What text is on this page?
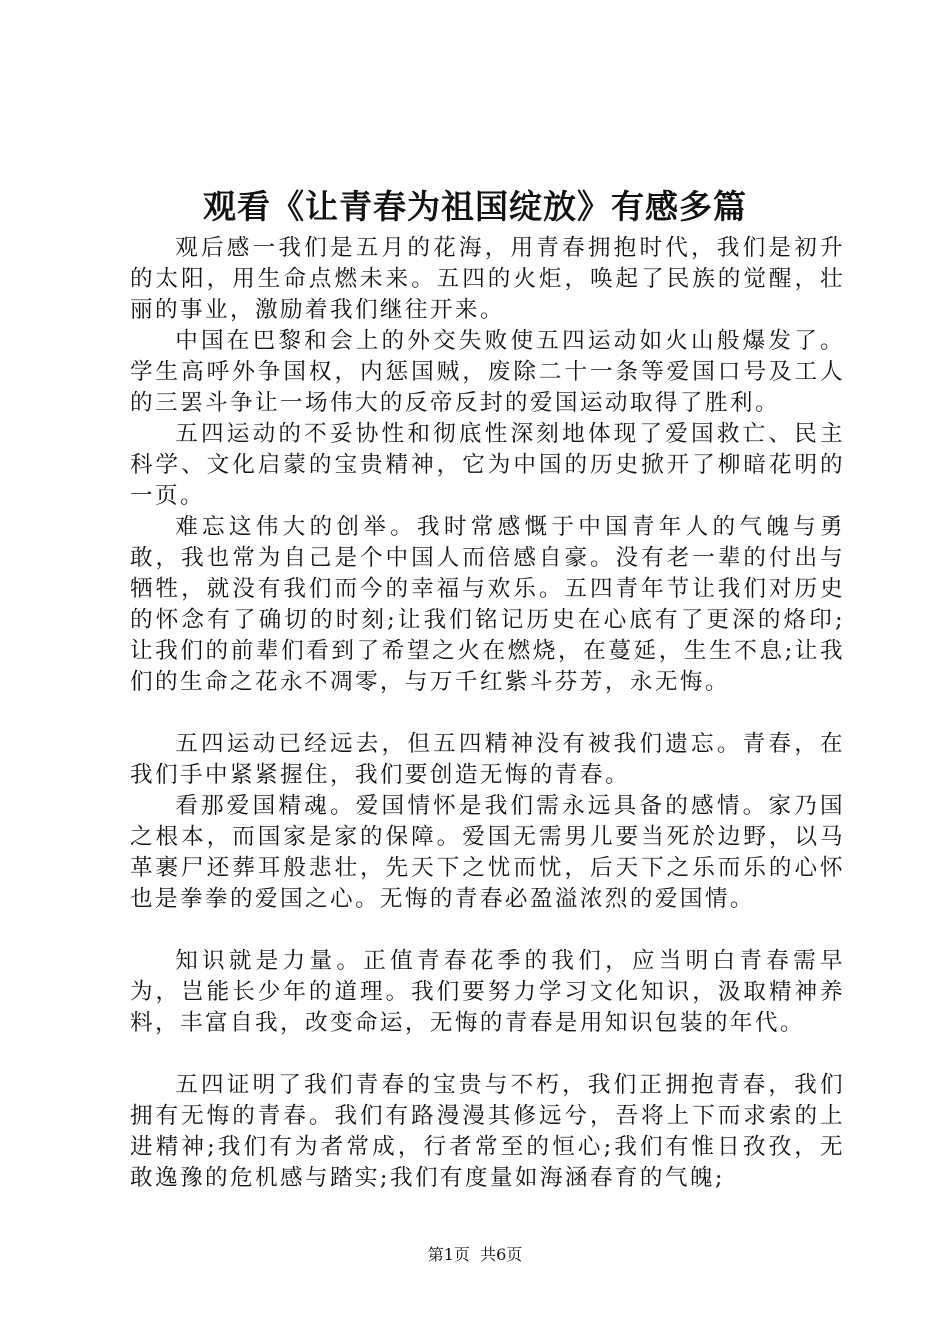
观看《让青春为祖国绽放》有感多篇

观后感一我们是五月的花海，用青春拥抱时代，我们是初升的太阳，用生命点燃未来。五四的火炬，唤起了民族的觉醒，壮丽的事业，激励着我们继往开来。

中国在巴黎和会上的外交失败使五四运动如火山般爆发了。学生高呼外争国权，内惩国贼，废除二十一条等爱国口号及工人的三罢斗争让一场伟大的反帝反封的爱国运动取得了胜利。

五四运动的不妥协性和彻底性深刻地体现了爱国救亡、民主科学、文化启蒙的宝贵精神，它为中国的历史掀开了柳暗花明的一页。

难忘这伟大的创举。我时常感慨于中国青年人的气魄与勇敢，我也常为自己是个中国人而倍感自豪。没有老一辈的付出与牺牲，就没有我们而今的幸福与欢乐。五四青年节让我们对历史的怀念有了确切的时刻;让我们铭记历史在心底有了更深的烙印;让我们的前辈们看到了希望之火在燃烧，在蔓延，生生不息;让我们的生命之花永不凋零，与万千红紫斗芬芳，永无悔。

五四运动已经远去，但五四精神没有被我们遗忘。青春，在我们手中紧紧握住，我们要创造无悔的青春。

看那爱国精魂。爱国情怀是我们需永远具备的感情。家乃国之根本，而国家是家的保障。爱国无需男儿要当死於边野，以马革裹尸还葬耳般悲壮，先天下之忧而忧，后天下之乐而乐的心怀也是拳拳的爱国之心。无悔的青春必盈溢浓烈的爱国情。

知识就是力量。正值青春花季的我们，应当明白青春需早为，岂能长少年的道理。我们要努力学习文化知识，汲取精神养料，丰富自我，改变命运，无悔的青春是用知识包装的年代。

五四证明了我们青春的宝贵与不朽，我们正拥抱青春，我们拥有无悔的青春。我们有路漫漫其修远兮，吾将上下而求索的上进精神;我们有为者常成，行者常至的恒心;我们有惟日孜孜，无敢逸豫的危机感与踏实;我们有度量如海涵春育的气魄;

第1页  共6页
